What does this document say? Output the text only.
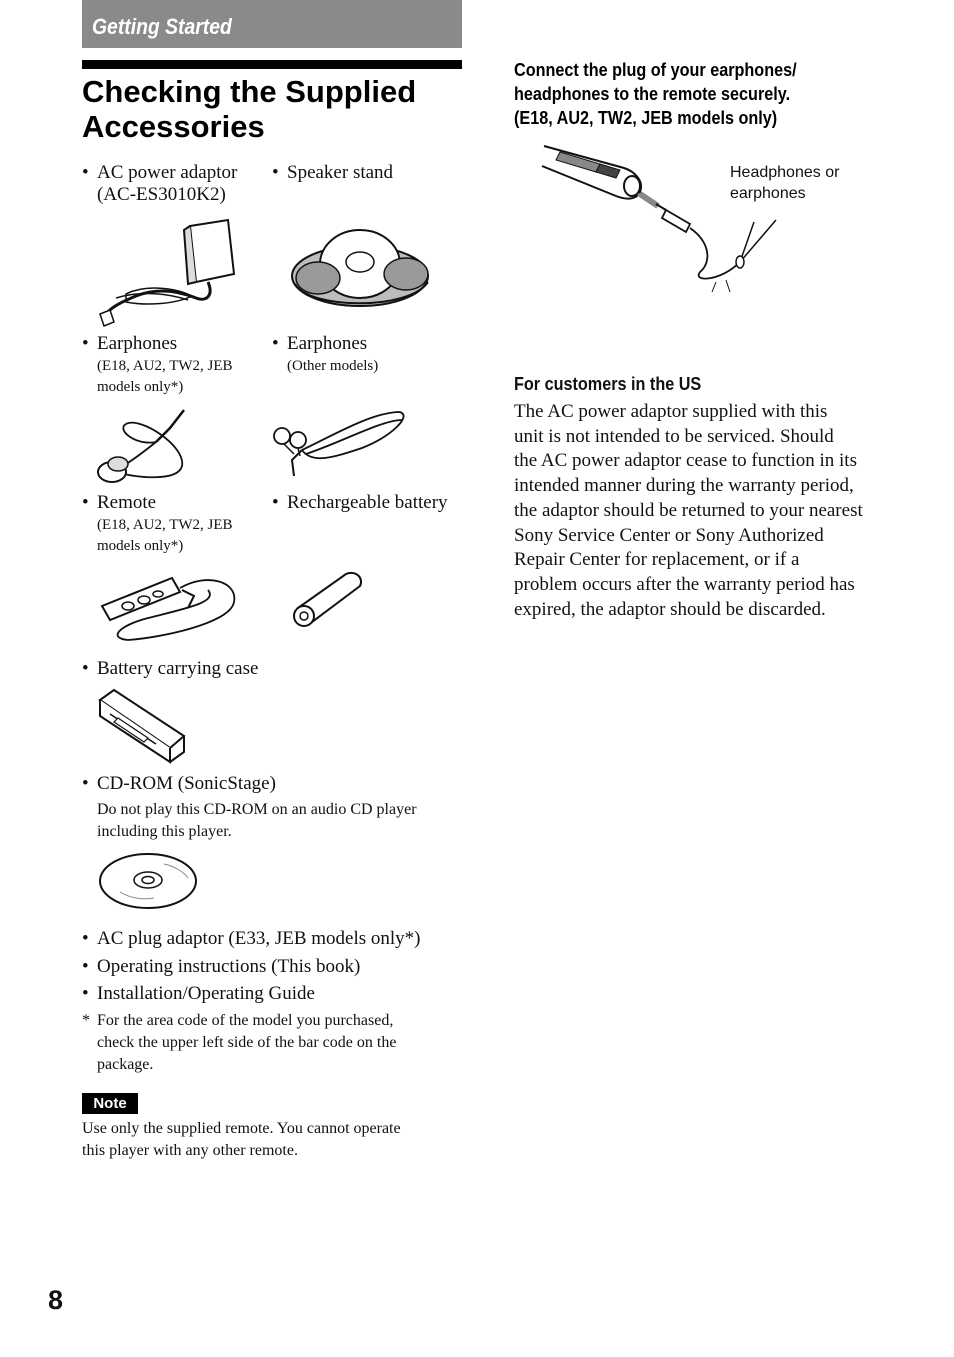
Getting Started
Checking the Supplied
Accessories
• AC power adaptor
(AC-ES3010K2)
• Speaker stand
• Earphones
(E18, AU2, TW2, JEB
models only*)
• Earphones
(Other models)
• Remote
(E18, AU2, TW2, JEB
models only*)
• Rechargeable battery
• Battery carrying case
• CD-ROM (SonicStage)
Do not play this CD-ROM on an audio CD player
including this player.
• AC plug adaptor (E33, JEB models only*)
• Operating instructions (This book)
• Installation/Operating Guide
* For the area code of the model you purchased,
check the upper left side of the bar code on the
package.
Note
Use only the supplied remote. You cannot operate
this player with any other remote.
Connect the plug of your earphones/
headphones to the remote securely.
(E18, AU2, TW2, JEB models only)
Headphones or
earphones
For customers in the US
The AC power adaptor supplied with this
unit is not intended to be serviced. Should
the AC power adaptor cease to function in its
intended manner during the warranty period,
the adaptor should be returned to your nearest
Sony Service Center or Sony Authorized
Repair Center for replacement, or if a
problem occurs after the warranty period has
expired, the adaptor should be discarded.
8
